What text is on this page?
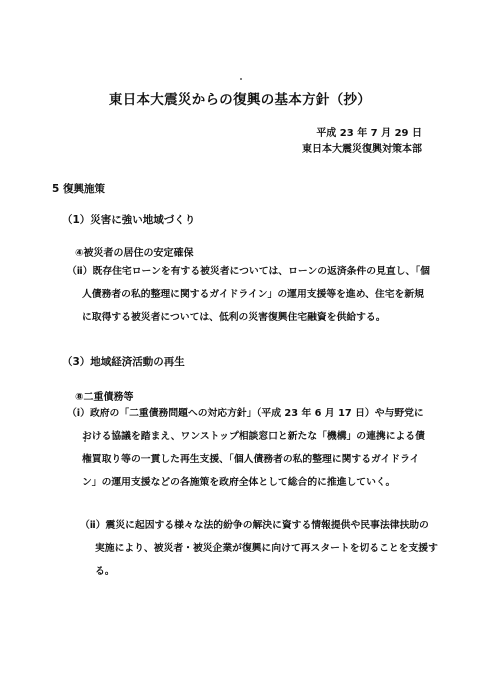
東日本大震災からの復興の基本方針（抄）
平成 23 年 7 月 29 日
東日本大震災復興対策本部
5 復興施策
（1）災害に強い地域づくり
④被災者の居住の安定確保
（ⅱ）既存住宅ローンを有する被災者については、ローンの返済条件の見直し、「個
人債務者の私的整理に関するガイドライン」の運用支援等を進め、住宅を新規
に取得する被災者については、低利の災害復興住宅融資を供給する。
（3）地域経済活動の再生
⑧二重債務等
（ⅰ）政府の「二重債務問題への対応方針」（平成 23 年 6 月 17 日）や与野党に
おける協議を踏まえ、ワンストップ相談窓口と新たな「機構」の連携による債
権買取り等の一貫した再生支援、「個人債務者の私的整理に関するガイドライ
ン」の運用支援などの各施策を政府全体として総合的に推進していく。
（ⅱ）震災に起因する様々な法的紛争の解決に資する情報提供や民事法律扶助の
実施により、被災者・被災企業が復興に向けて再スタートを切ることを支援す
る。
